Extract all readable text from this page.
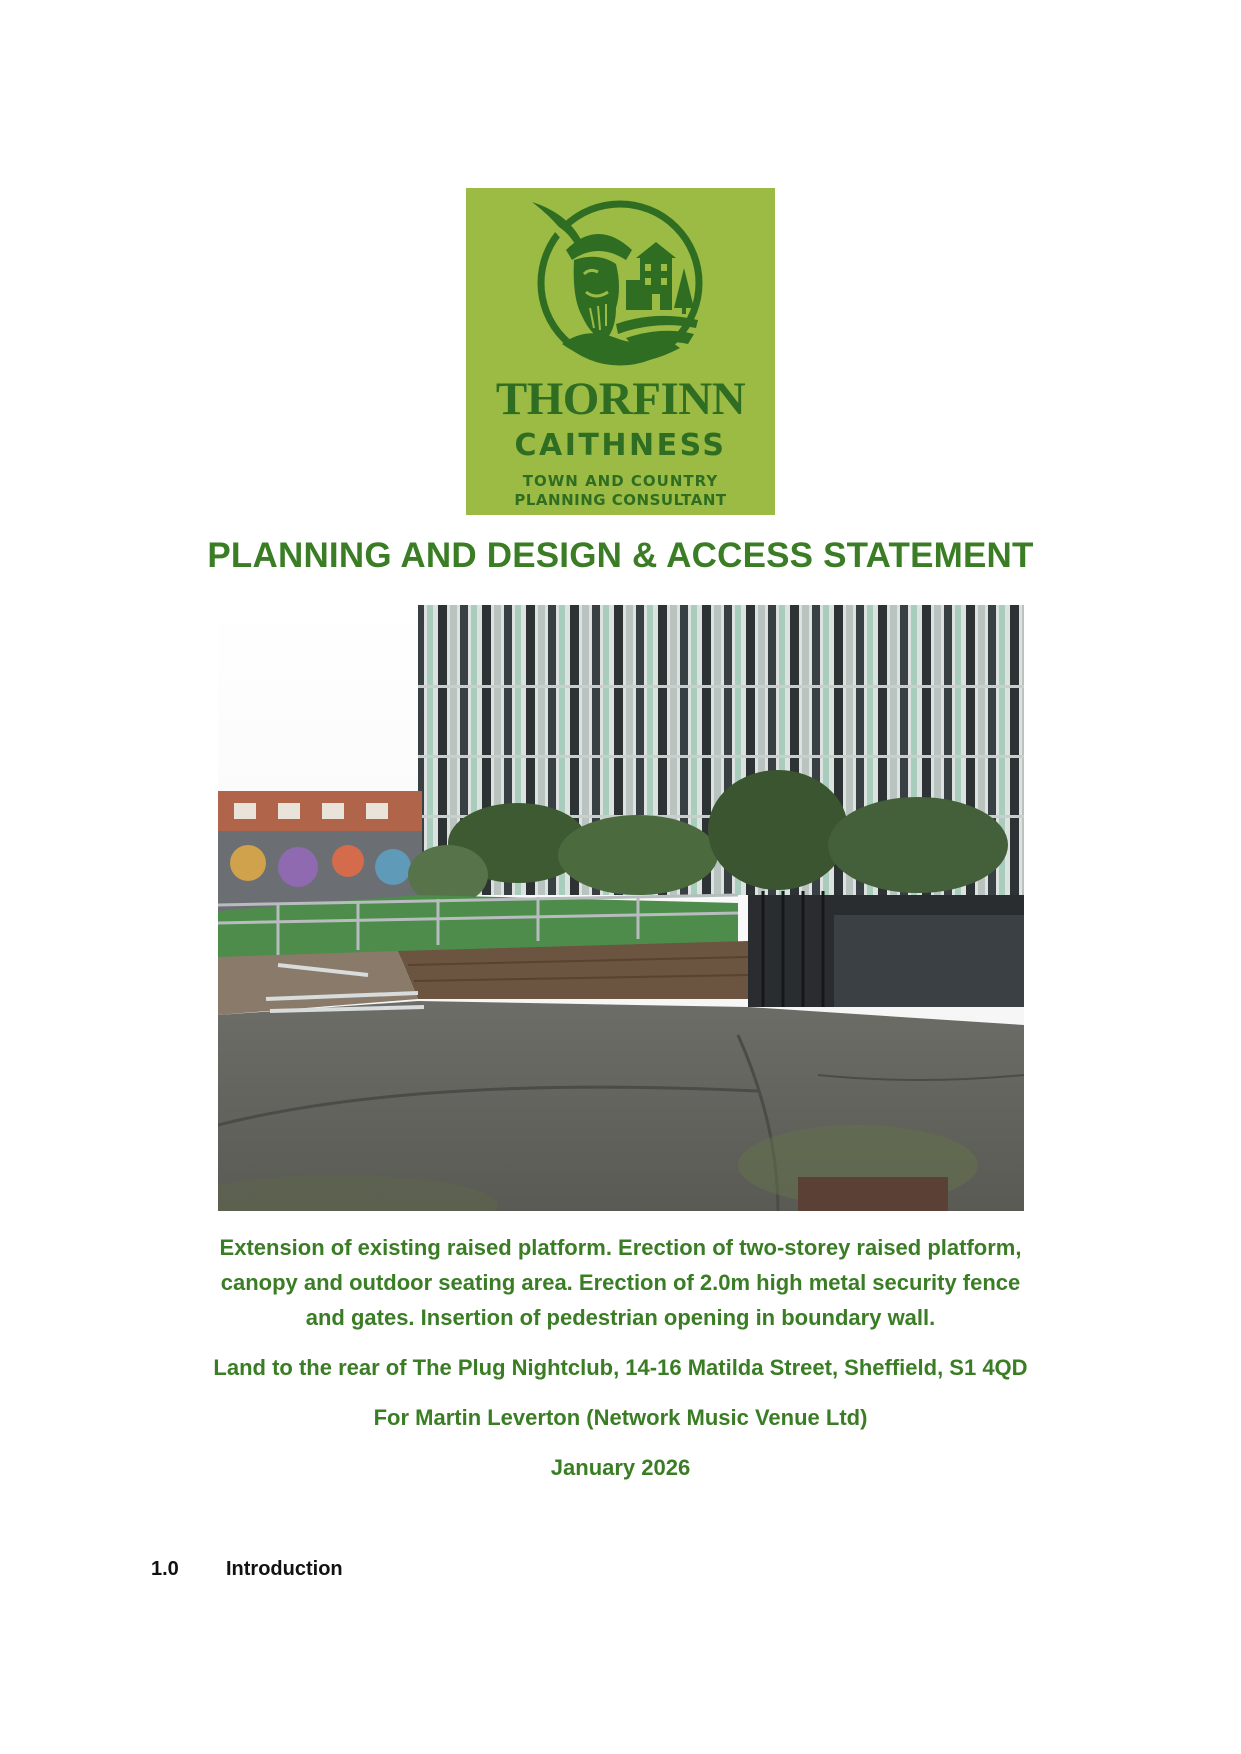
THORFINN
CAITHNESS
TOWN AND COUNTRY
PLANNING CONSULTANT
PLANNING AND DESIGN & ACCESS STATEMENT
Extension of existing raised platform. Erection of two-storey raised platform,
canopy and outdoor seating area. Erection of 2.0m high metal security fence
and gates. Insertion of pedestrian opening in boundary wall.
Land to the rear of The Plug Nightclub, 14-16 Matilda Street, Sheffield, S1 4QD
For Martin Leverton (Network Music Venue Ltd)
January 2026
1.0 Introduction
